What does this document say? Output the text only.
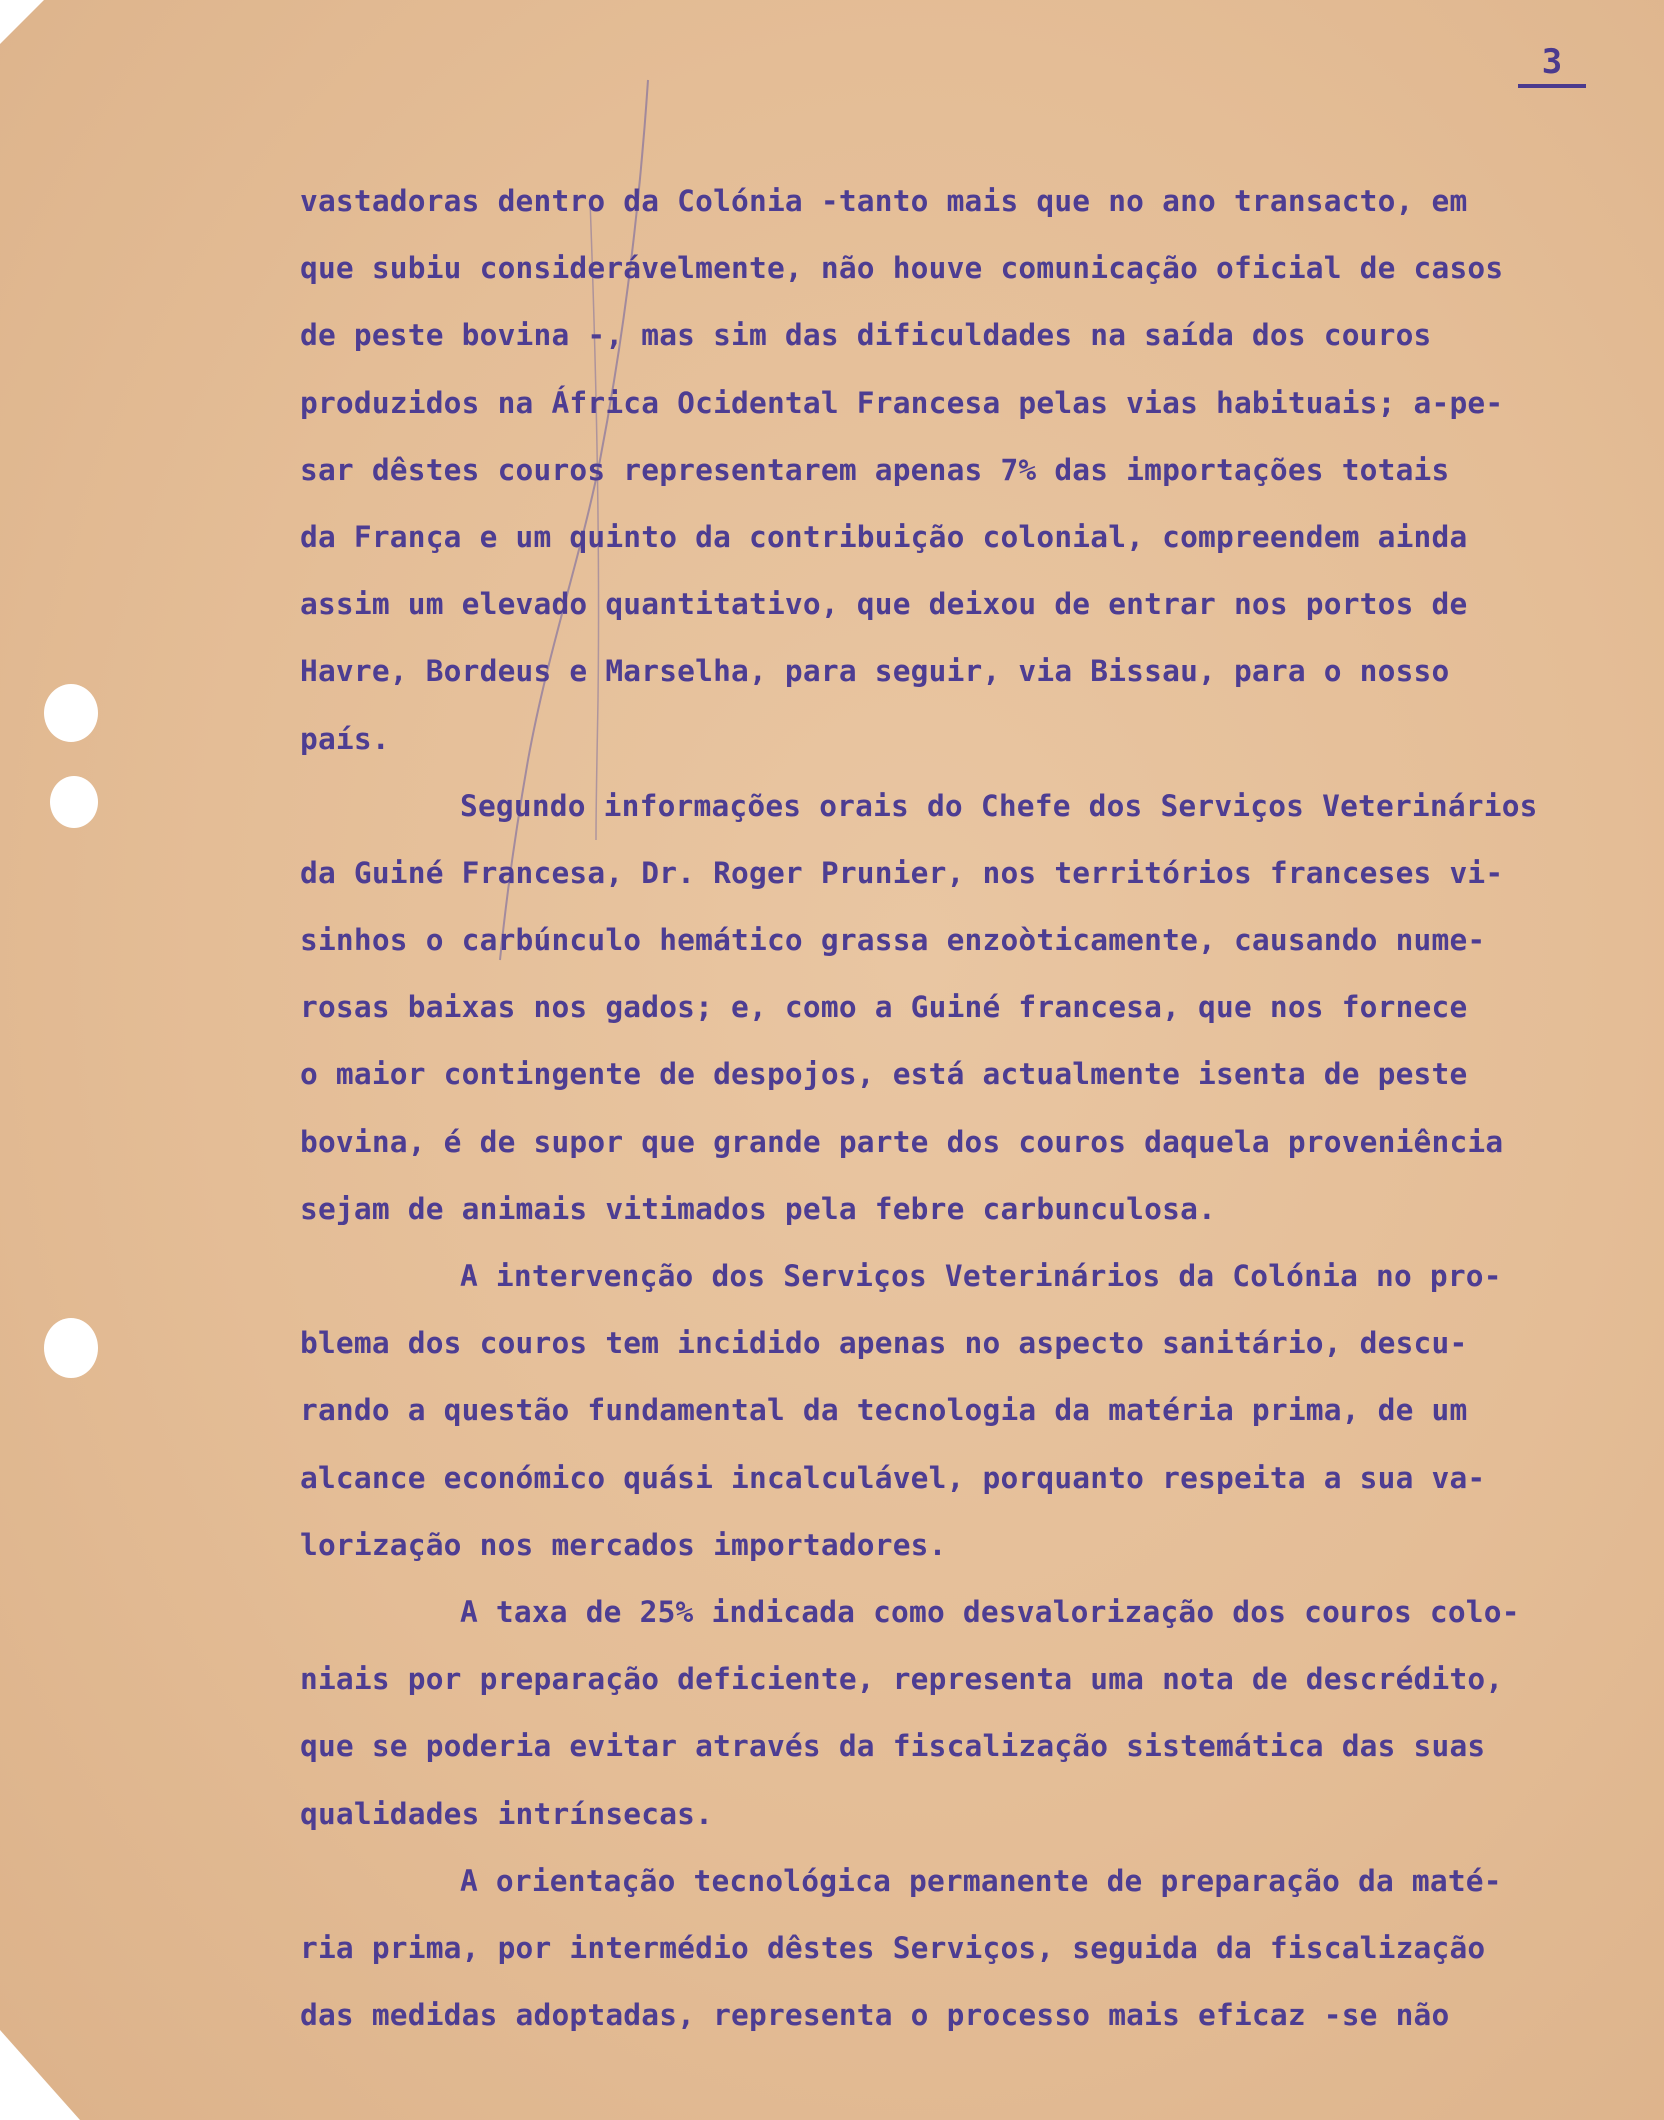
3
vastadoras dentro da Colónia -tanto mais que no ano transacto, em
que subiu considerávelmente, não houve comunicação oficial de casos
de peste bovina -, mas sim das dificuldades na saída dos couros
produzidos na África Ocidental Francesa pelas vias habituais; a-pe-
sar dêstes couros representarem apenas 7% das importações totais
da França e um quinto da contribuição colonial, compreendem ainda
assim um elevado quantitativo, que deixou de entrar nos portos de
Havre, Bordeus e Marselha, para seguir, via Bissau, para o nosso
país.
Segundo informações orais do Chefe dos Serviços Veterinários
da Guiné Francesa, Dr. Roger Prunier, nos territórios franceses vi-
sinhos o carbúnculo hemático grassa enzoòticamente, causando nume-
rosas baixas nos gados; e, como a Guiné francesa, que nos fornece
o maior contingente de despojos, está actualmente isenta de peste
bovina, é de supor que grande parte dos couros daquela proveniência
sejam de animais vitimados pela febre carbunculosa.
A intervenção dos Serviços Veterinários da Colónia no pro-
blema dos couros tem incidido apenas no aspecto sanitário, descu-
rando a questão fundamental da tecnologia da matéria prima, de um
alcance económico quási incalculável, porquanto respeita a sua va-
lorização nos mercados importadores.
A taxa de 25% indicada como desvalorização dos couros colo-
niais por preparação deficiente, representa uma nota de descrédito,
que se poderia evitar através da fiscalização sistemática das suas
qualidades intrínsecas.
A orientação tecnológica permanente de preparação da maté-
ria prima, por intermédio dêstes Serviços, seguida da fiscalização
das medidas adoptadas, representa o processo mais eficaz -se não
